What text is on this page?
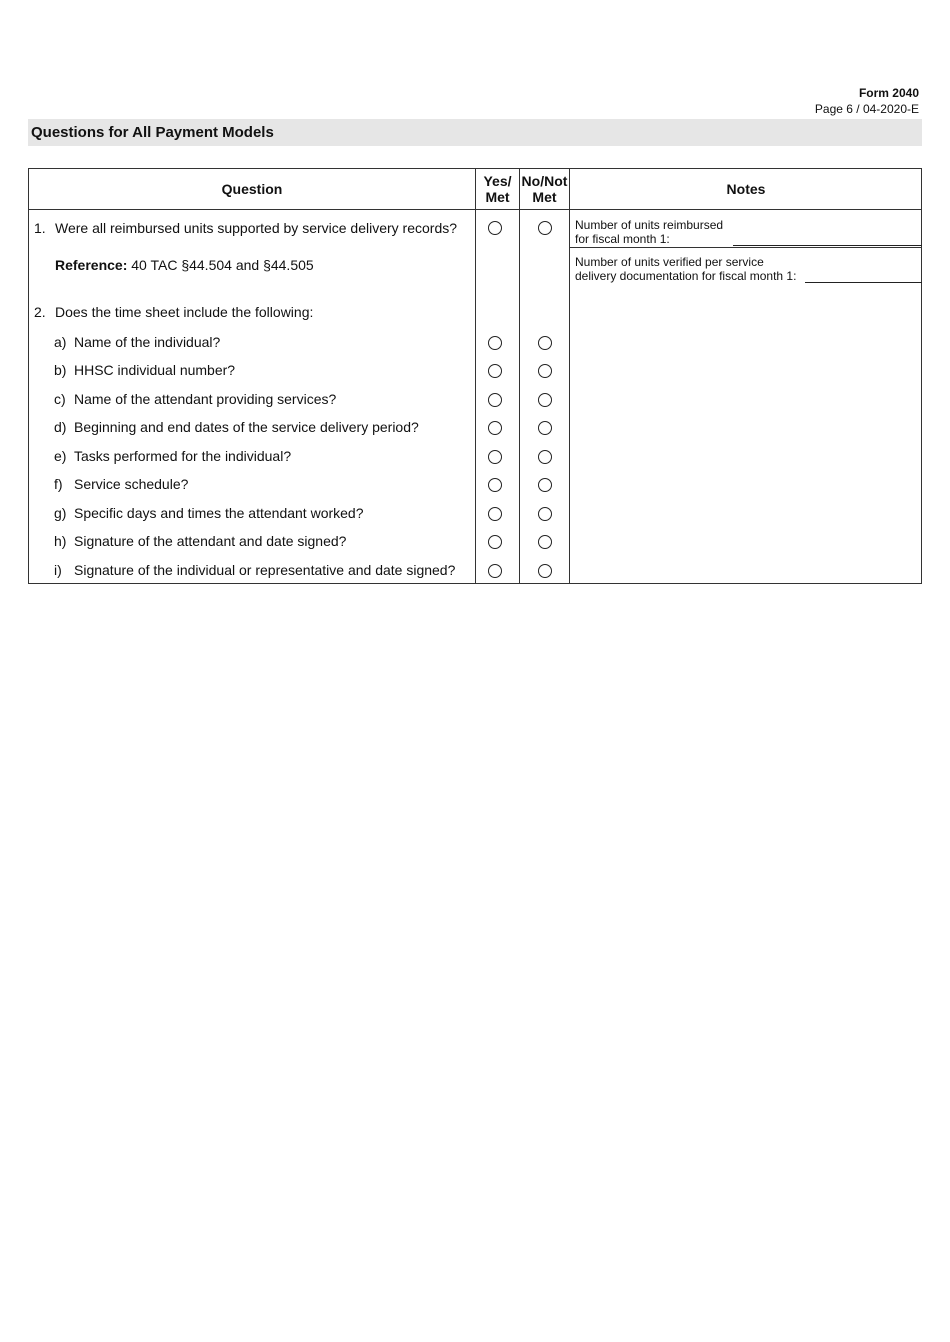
Form 2040
Page 6 / 04-2020-E
Questions for All Payment Models
Question	Yes/
Met
No/Not
Met	Notes
1. Were all reimbursed units supported by service delivery records?
Reference: 40 TAC §44.504 and §44.505
Number of units reimbursed
for fiscal month 1:
Number of units verified per service
delivery documentation for fiscal month 1:
2. Does the time sheet include the following:
a) Name of the individual?
b) HHSC individual number?
c) Name of the attendant providing services?
d) Beginning and end dates of the service delivery period?
e) Tasks performed for the individual?
f) Service schedule?
g) Specific days and times the attendant worked?
h) Signature of the attendant and date signed?
i) Signature of the individual or representative and date signed?
